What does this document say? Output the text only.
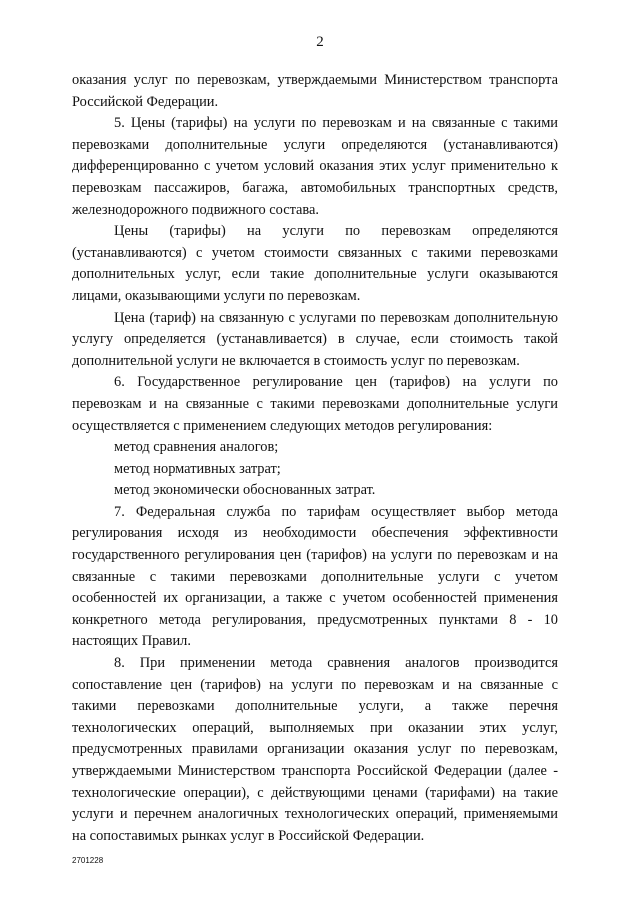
2

оказания услуг по перевозкам, утверждаемыми Министерством транспорта Российской Федерации.

5. Цены (тарифы) на услуги по перевозкам и на связанные с такими перевозками дополнительные услуги определяются (устанавливаются) дифференцированно с учетом условий оказания этих услуг применительно к перевозкам пассажиров, багажа, автомобильных транспортных средств, железнодорожного подвижного состава.

Цены (тарифы) на услуги по перевозкам определяются (устанавливаются) с учетом стоимости связанных с такими перевозками дополнительных услуг, если такие дополнительные услуги оказываются лицами, оказывающими услуги по перевозкам.

Цена (тариф) на связанную с услугами по перевозкам дополнительную услугу определяется (устанавливается) в случае, если стоимость такой дополнительной услуги не включается в стоимость услуг по перевозкам.

6. Государственное регулирование цен (тарифов) на услуги по перевозкам и на связанные с такими перевозками дополнительные услуги осуществляется с применением следующих методов регулирования:

метод сравнения аналогов;

метод нормативных затрат;

метод экономически обоснованных затрат.

7. Федеральная служба по тарифам осуществляет выбор метода регулирования исходя из необходимости обеспечения эффективности государственного регулирования цен (тарифов) на услуги по перевозкам и на связанные с такими перевозками дополнительные услуги с учетом особенностей их организации, а также с учетом особенностей применения конкретного метода регулирования, предусмотренных пунктами 8 - 10 настоящих Правил.

8. При применении метода сравнения аналогов производится сопоставление цен (тарифов) на услуги по перевозкам и на связанные с такими перевозками дополнительные услуги, а также перечня технологических операций, выполняемых при оказании этих услуг, предусмотренных правилами организации оказания услуг по перевозкам, утверждаемыми Министерством транспорта Российской Федерации (далее - технологические операции), с действующими ценами (тарифами) на такие услуги и перечнем аналогичных технологических операций, применяемыми на сопоставимых рынках услуг в Российской Федерации.

2701228
